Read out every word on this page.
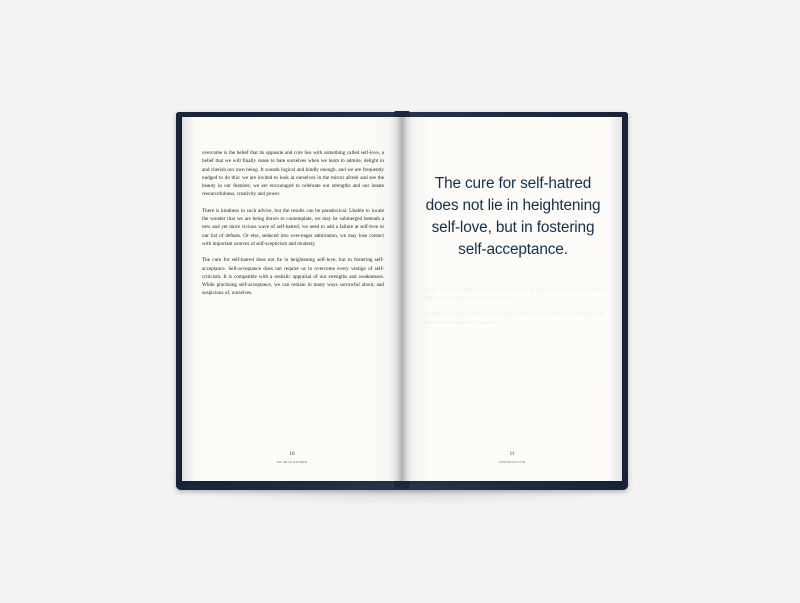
overcome is the belief that its opposite and cure lies with something called self-love, a belief that we will finally cease to hate ourselves when we learn to admire, delight in and cherish our own being. It sounds logical and kindly enough, and we are frequently nudged to do this: we are invited to look at ourselves in the mirror afresh and see the beauty in our features; we are encouraged to celebrate our strengths and our innate resourcefulness, creativity and power.

There is kindness in such advice, but the results can be paradoxical. Unable to locate the wonder that we are being drawn to contemplate, we may be submerged beneath a new and yet more vicious wave of self-hatred; we need to add a failure at self-love to our list of defeats. Or else, seduced into over-eager admiration, we may lose contact with important sources of self-scepticism and modesty.

The cure for self-hatred does not lie in heightening self-love, but in fostering self-acceptance. Self-acceptance does not require us to overcome every vestige of self-criticism. It is compatible with a realistic appraisal of our strengths and weaknesses. While practising self-acceptance, we can remain in many ways sorrowful about, and suspicious of, ourselves.

10
ON SELF-HATRED

are not so much a matter of what we have done as of what we have not yet been able to forgive in ourselves, and the quiet work of

learning, in the end, to hold our own difficult history with a measure of tenderness rather than a further instalment of reproach.

The cure for self-hatred does not lie in heightening self-love, but in fostering self-acceptance.
11
INTRODUCTION
